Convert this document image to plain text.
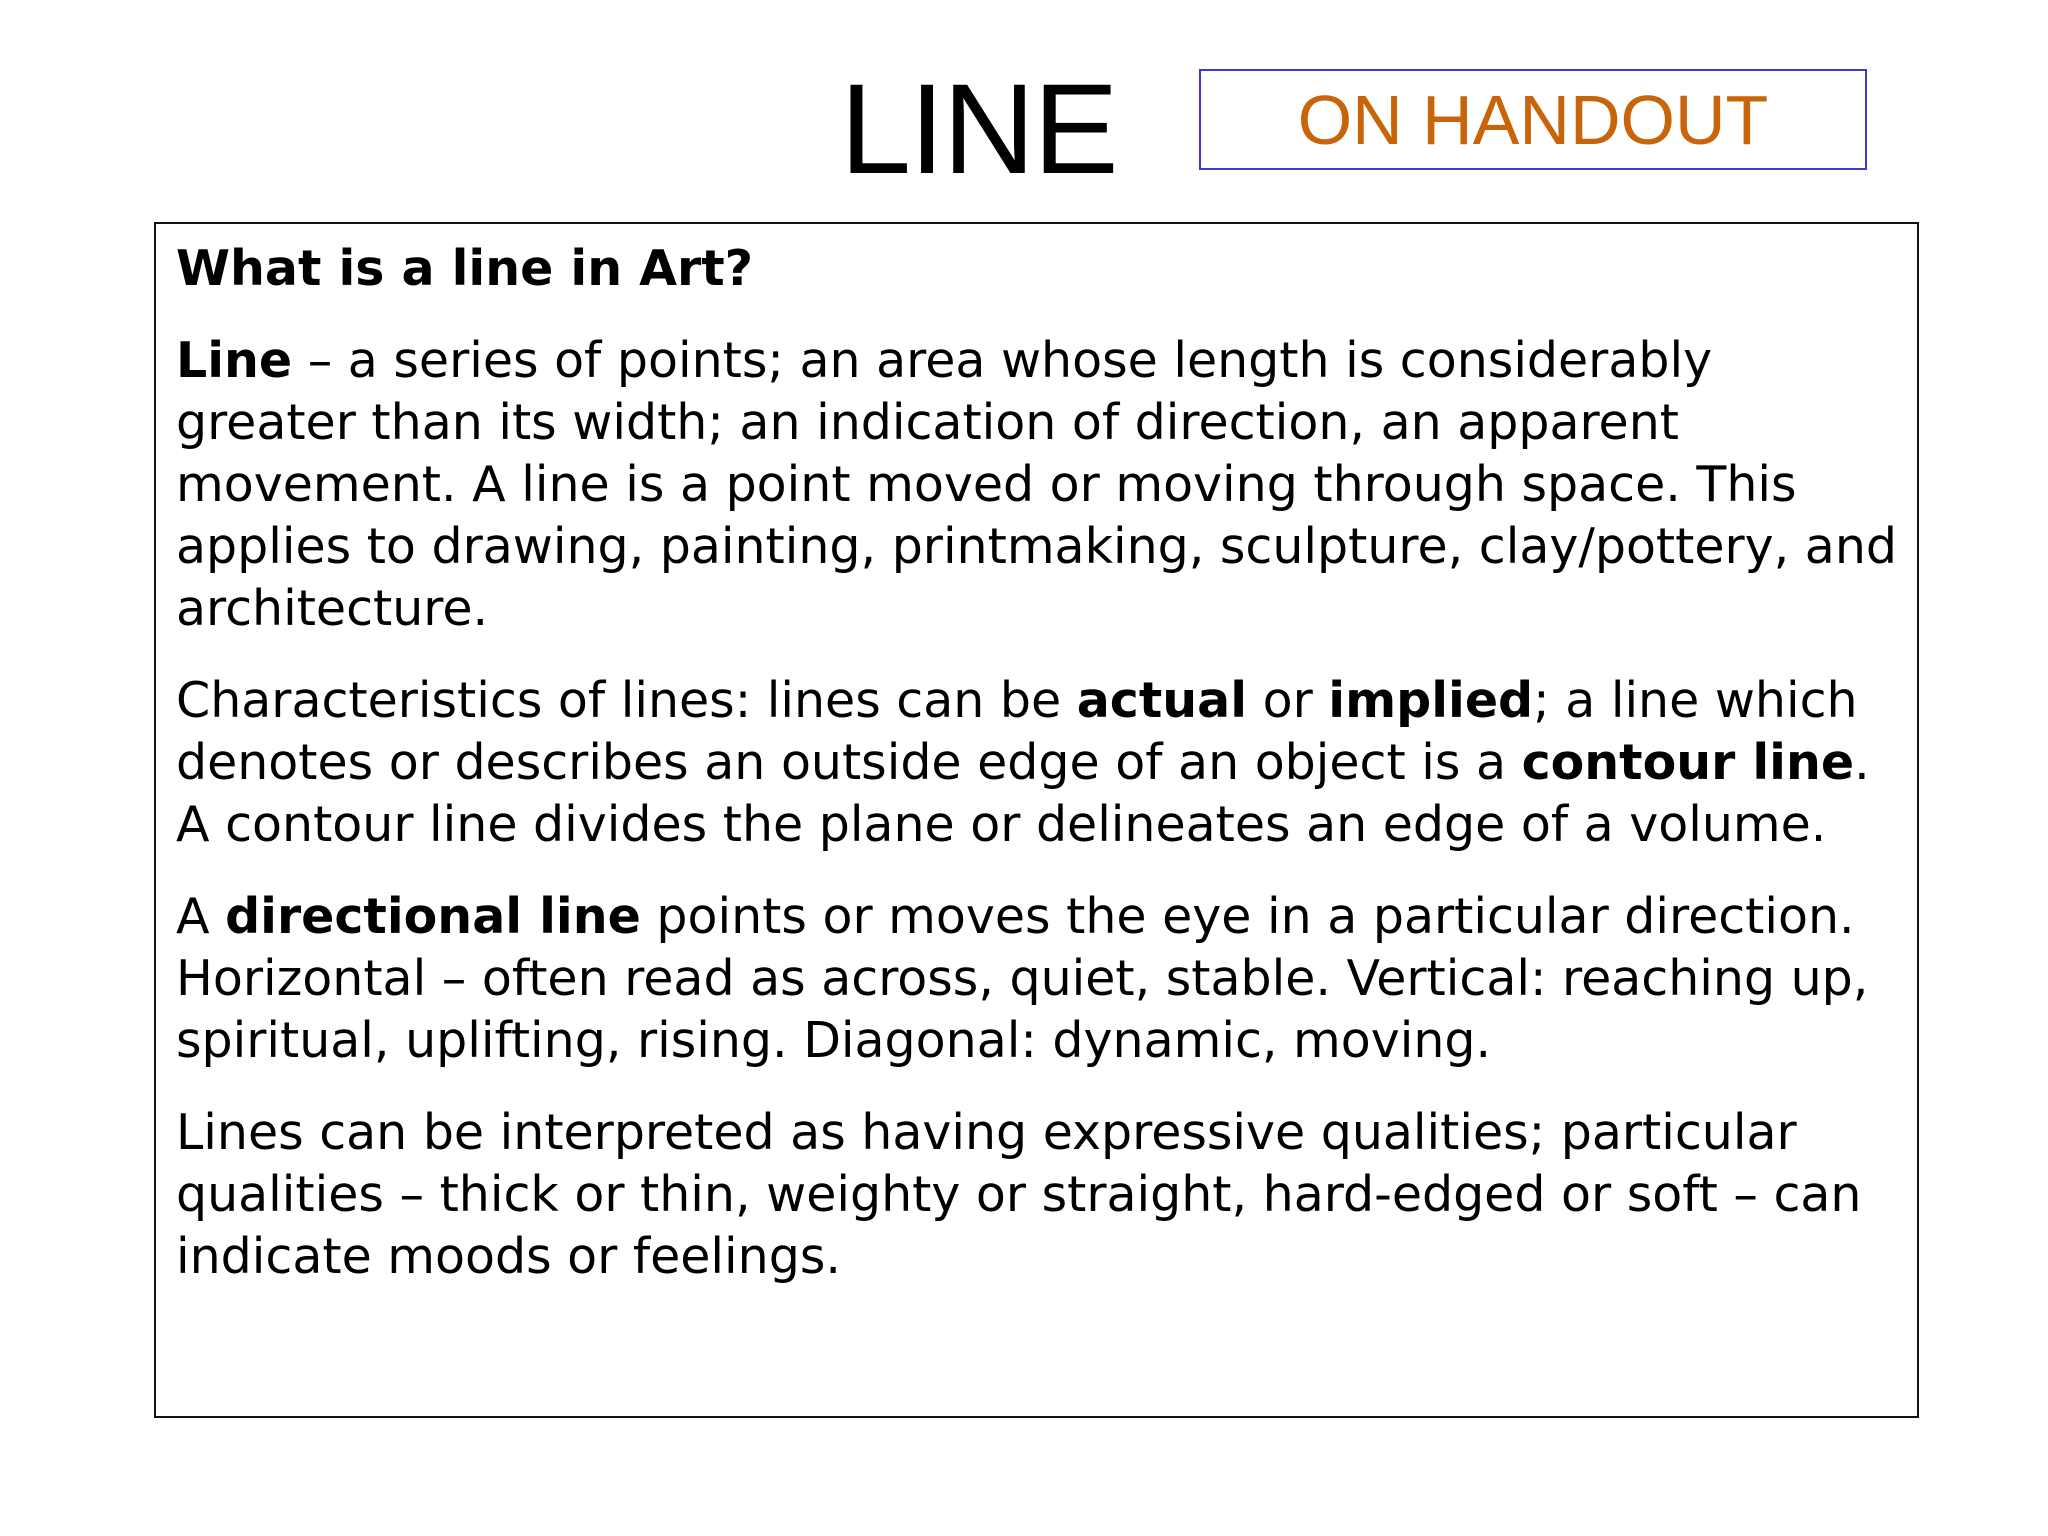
LINE	ON HANDOUT

What is a line in Art?

Line – a series of points; an area whose length is considerably greater than its width; an indication of direction, an apparent movement. A line is a point moved or moving through space. This applies to drawing, painting, printmaking, sculpture, clay/pottery, and architecture.

Characteristics of lines: lines can be actual or implied; a line which denotes or describes an outside edge of an object is a contour line. A contour line divides the plane or delineates an edge of a volume.

A directional line points or moves the eye in a particular direction. Horizontal – often read as across, quiet, stable. Vertical: reaching up, spiritual, uplifting, rising. Diagonal: dynamic, moving.

Lines can be interpreted as having expressive qualities; particular qualities – thick or thin, weighty or straight, hard-edged or soft – can indicate moods or feelings.
